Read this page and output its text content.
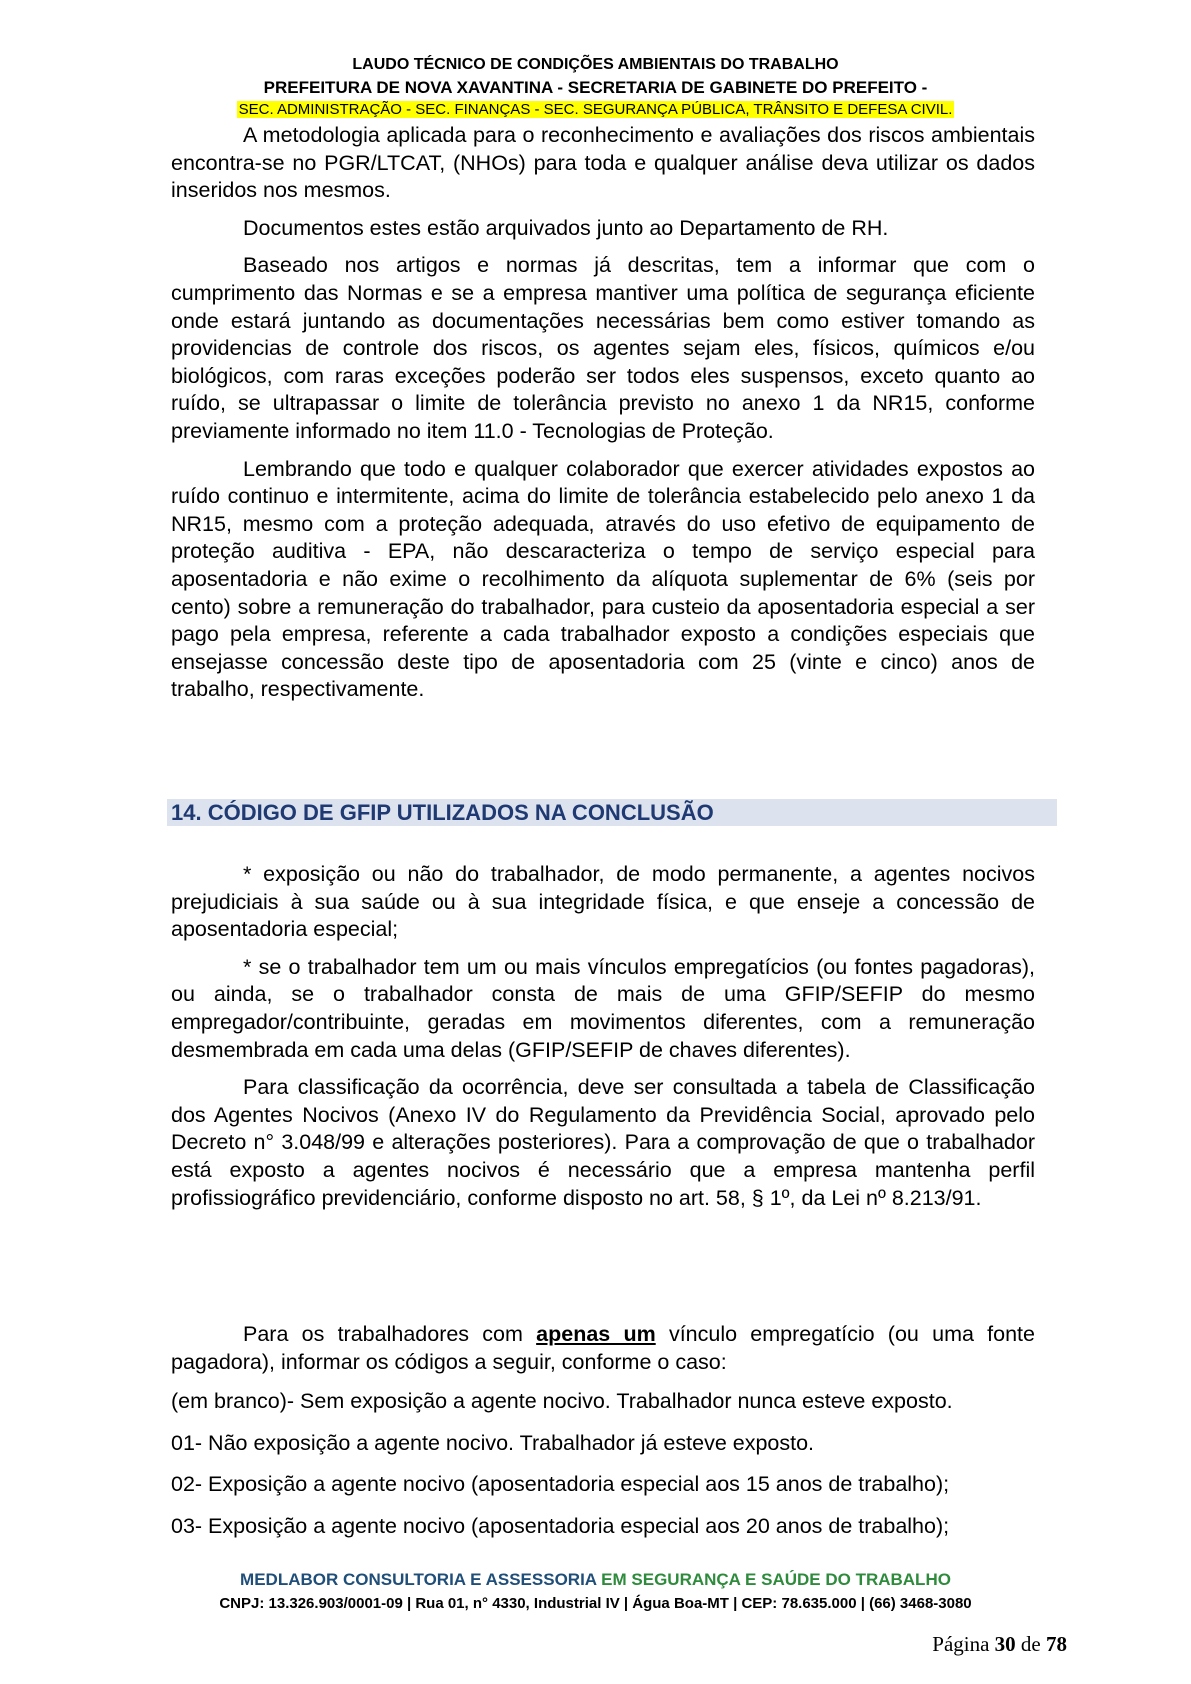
LAUDO TÉCNICO DE CONDIÇÕES AMBIENTAIS DO TRABALHO
PREFEITURA DE NOVA XAVANTINA - SECRETARIA DE GABINETE DO PREFEITO -
SEC. ADMINISTRAÇÃO - SEC. FINANÇAS - SEC. SEGURANÇA PÚBLICA, TRÂNSITO E DEFESA CIVIL.

A metodologia aplicada para o reconhecimento e avaliações dos riscos ambientais encontra-se no PGR/LTCAT, (NHOs) para toda e qualquer análise deva utilizar os dados inseridos nos mesmos.

Documentos estes estão arquivados junto ao Departamento de RH.

Baseado nos artigos e normas já descritas, tem a informar que com o cumprimento das Normas e se a empresa mantiver uma política de segurança eficiente onde estará juntando as documentações necessárias bem como estiver tomando as providencias de controle dos riscos, os agentes sejam eles, físicos, químicos e/ou biológicos, com raras exceções poderão ser todos eles suspensos, exceto quanto ao ruído, se ultrapassar o limite de tolerância previsto no anexo 1 da NR15, conforme previamente informado no item 11.0 - Tecnologias de Proteção.

Lembrando que todo e qualquer colaborador que exercer atividades expostos ao ruído continuo e intermitente, acima do limite de tolerância estabelecido pelo anexo 1 da NR15, mesmo com a proteção adequada, através do uso efetivo de equipamento de proteção auditiva - EPA, não descaracteriza o tempo de serviço especial para aposentadoria e não exime o recolhimento da alíquota suplementar de 6% (seis por cento) sobre a remuneração do trabalhador, para custeio da aposentadoria especial a ser pago pela empresa, referente a cada trabalhador exposto a condições especiais que ensejasse concessão deste tipo de aposentadoria com 25 (vinte e cinco) anos de trabalho, respectivamente.

14. CÓDIGO DE GFIP UTILIZADOS NA CONCLUSÃO

* exposição ou não do trabalhador, de modo permanente, a agentes nocivos prejudiciais à sua saúde ou à sua integridade física, e que enseje a concessão de aposentadoria especial;

* se o trabalhador tem um ou mais vínculos empregatícios (ou fontes pagadoras), ou ainda, se o trabalhador consta de mais de uma GFIP/SEFIP do mesmo empregador/contribuinte, geradas em movimentos diferentes, com a remuneração desmembrada em cada uma delas (GFIP/SEFIP de chaves diferentes).

Para classificação da ocorrência, deve ser consultada a tabela de Classificação dos Agentes Nocivos (Anexo IV do Regulamento da Previdência Social, aprovado pelo Decreto n° 3.048/99 e alterações posteriores). Para a comprovação de que o trabalhador está exposto a agentes nocivos é necessário que a empresa mantenha perfil profissiográfico previdenciário, conforme disposto no art. 58, § 1º, da Lei nº 8.213/91.

Para os trabalhadores com apenas um vínculo empregatício (ou uma fonte pagadora), informar os códigos a seguir, conforme o caso:

(em branco)- Sem exposição a agente nocivo. Trabalhador nunca esteve exposto.

01- Não exposição a agente nocivo. Trabalhador já esteve exposto.

02- Exposição a agente nocivo (aposentadoria especial aos 15 anos de trabalho);

03- Exposição a agente nocivo (aposentadoria especial aos 20 anos de trabalho);

MEDLABOR CONSULTORIA E ASSESSORIA EM SEGURANÇA E SAÚDE DO TRABALHO
CNPJ: 13.326.903/0001-09 | Rua 01, n° 4330, Industrial IV | Água Boa-MT | CEP: 78.635.000 | (66) 3468-3080
Página 30 de 78
